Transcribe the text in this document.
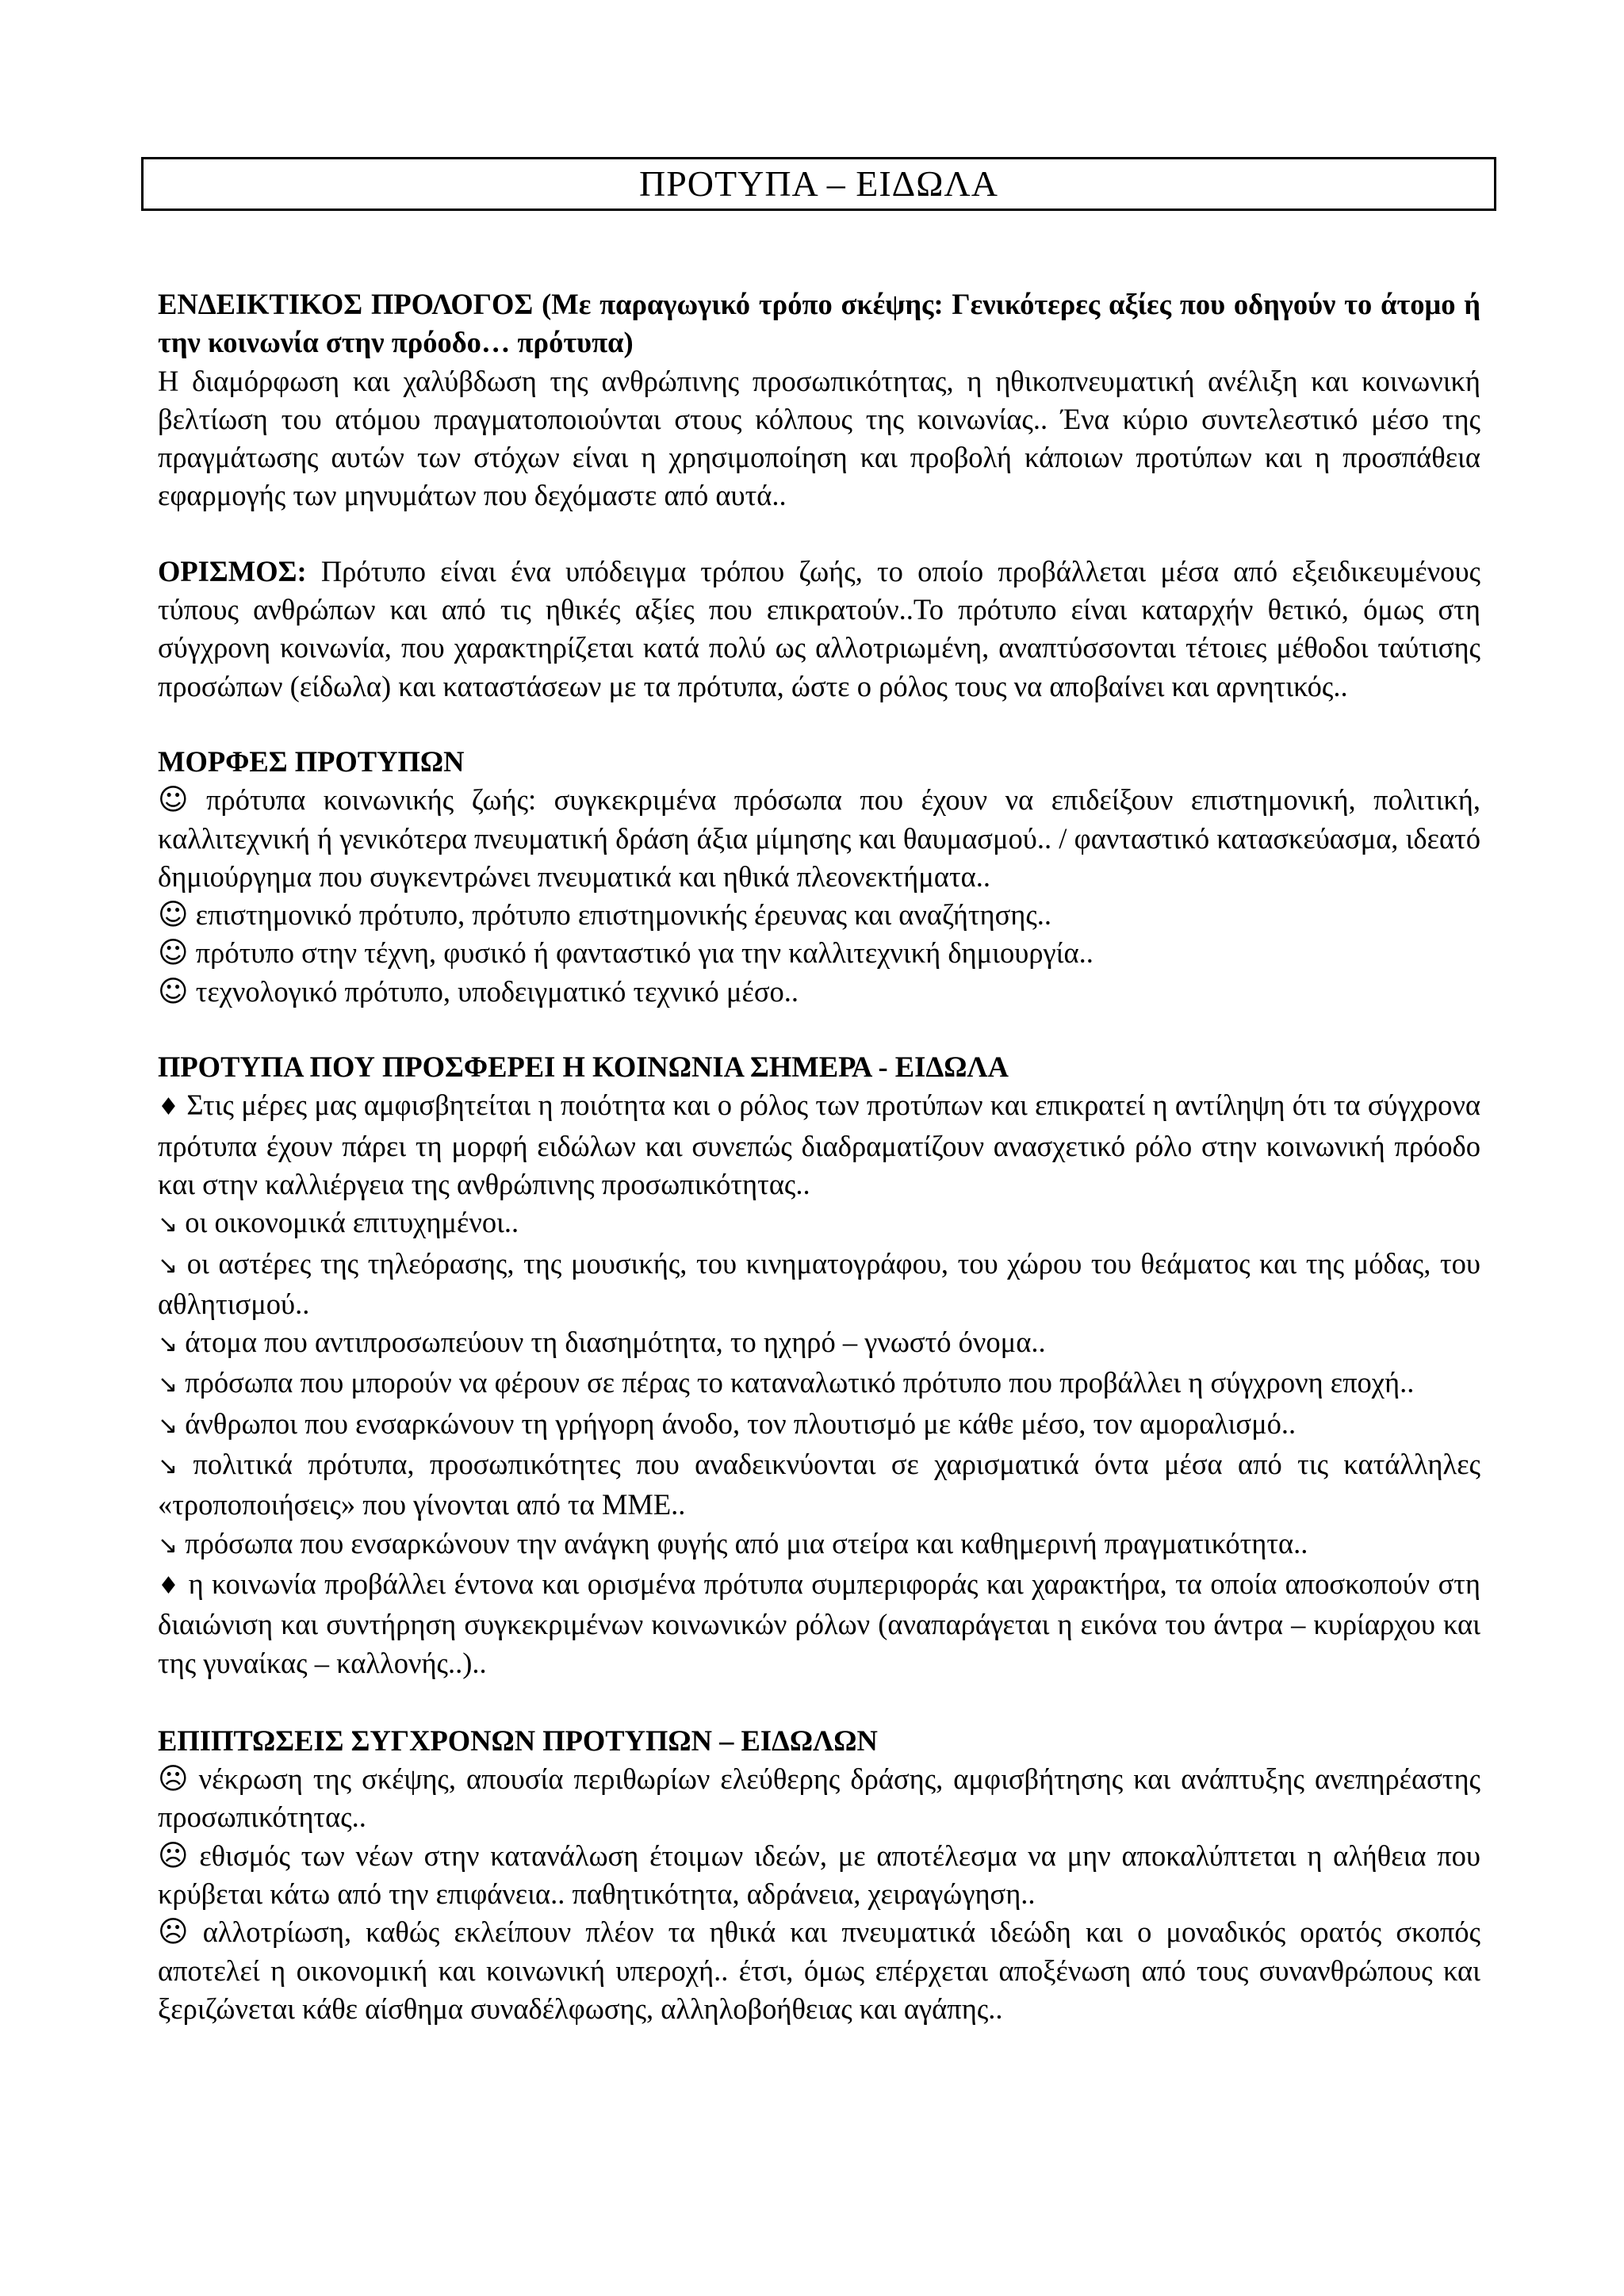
ΠΡΟΤΥΠΑ – ΕΙΔΩΛΑ

ΕΝΔΕΙΚΤΙΚΟΣ ΠΡΟΛΟΓΟΣ (Με παραγωγικό τρόπο σκέψης: Γενικότερες αξίες που οδηγούν το άτομο ή την κοινωνία στην πρόοδο… πρότυπα)

Η διαμόρφωση και χαλύβδωση της ανθρώπινης προσωπικότητας, η ηθικοπνευματική ανέλιξη και κοινωνική βελτίωση του ατόμου πραγματοποιούνται στους κόλπους της κοινωνίας.. Ένα κύριο συντελεστικό μέσο της πραγμάτωσης αυτών των στόχων είναι η χρησιμοποίηση και προβολή κάποιων προτύπων και η προσπάθεια εφαρμογής των μηνυμάτων που δεχόμαστε από αυτά..

ΟΡΙΣΜΟΣ: Πρότυπο είναι ένα υπόδειγμα τρόπου ζωής, το οποίο προβάλλεται μέσα από εξειδικευμένους τύπους ανθρώπων και από τις ηθικές αξίες που επικρατούν..Το πρότυπο είναι καταρχήν θετικό, όμως στη σύγχρονη κοινωνία, που χαρακτηρίζεται κατά πολύ ως αλλοτριωμένη, αναπτύσσονται τέτοιες μέθοδοι ταύτισης προσώπων (είδωλα) και καταστάσεων με τα πρότυπα, ώστε ο ρόλος τους να αποβαίνει και αρνητικός..

ΜΟΡΦΕΣ ΠΡΟΤΥΠΩΝ

☺ πρότυπα κοινωνικής ζωής: συγκεκριμένα πρόσωπα που έχουν να επιδείξουν επιστημονική, πολιτική, καλλιτεχνική ή γενικότερα πνευματική δράση άξια μίμησης και θαυμασμού.. / φανταστικό κατασκεύασμα, ιδεατό δημιούργημα που συγκεντρώνει πνευματικά και ηθικά πλεονεκτήματα..

☺ επιστημονικό πρότυπο, πρότυπο επιστημονικής έρευνας και αναζήτησης..

☺ πρότυπο στην τέχνη, φυσικό ή φανταστικό για την καλλιτεχνική δημιουργία..

☺ τεχνολογικό πρότυπο, υποδειγματικό τεχνικό μέσο..

ΠΡΟΤΥΠΑ ΠΟΥ ΠΡΟΣΦΕΡΕΙ Η ΚΟΙΝΩΝΙΑ ΣΗΜΕΡΑ - ΕΙΔΩΛΑ

♦ Στις μέρες μας αμφισβητείται η ποιότητα και ο ρόλος των προτύπων και επικρατεί η αντίληψη ότι τα σύγχρονα πρότυπα έχουν πάρει τη μορφή ειδώλων και συνεπώς διαδραματίζουν ανασχετικό ρόλο στην κοινωνική πρόοδο και στην καλλιέργεια της ανθρώπινης προσωπικότητας..

↘ οι οικονομικά επιτυχημένοι..

↘ οι αστέρες της τηλεόρασης, της μουσικής, του κινηματογράφου, του χώρου του θεάματος και της μόδας, του αθλητισμού..

↘ άτομα που αντιπροσωπεύουν τη διασημότητα, το ηχηρό – γνωστό όνομα..

↘ πρόσωπα που μπορούν να φέρουν σε πέρας το καταναλωτικό πρότυπο που προβάλλει η σύγχρονη εποχή..

↘ άνθρωποι που ενσαρκώνουν τη γρήγορη άνοδο, τον πλουτισμό με κάθε μέσο, τον αμοραλισμό..

↘ πολιτικά πρότυπα, προσωπικότητες που αναδεικνύονται σε χαρισματικά όντα μέσα από τις κατάλληλες «τροποποιήσεις» που γίνονται από τα ΜΜΕ..

↘ πρόσωπα που ενσαρκώνουν την ανάγκη φυγής από μια στείρα και καθημερινή πραγματικότητα..

♦ η κοινωνία προβάλλει έντονα και ορισμένα πρότυπα συμπεριφοράς και χαρακτήρα, τα οποία αποσκοπούν στη διαιώνιση και συντήρηση συγκεκριμένων κοινωνικών ρόλων (αναπαράγεται η εικόνα του άντρα – κυρίαρχου και της γυναίκας – καλλονής..)..

ΕΠΙΠΤΩΣΕΙΣ ΣΥΓΧΡΟΝΩΝ ΠΡΟΤΥΠΩΝ – ΕΙΔΩΛΩΝ

☹ νέκρωση της σκέψης, απουσία περιθωρίων ελεύθερης δράσης, αμφισβήτησης και ανάπτυξης ανεπηρέαστης προσωπικότητας..

☹ εθισμός των νέων στην κατανάλωση έτοιμων ιδεών, με αποτέλεσμα να μην αποκαλύπτεται η αλήθεια που κρύβεται κάτω από την επιφάνεια.. παθητικότητα, αδράνεια, χειραγώγηση..

☹ αλλοτρίωση, καθώς εκλείπουν πλέον τα ηθικά και πνευματικά ιδεώδη και ο μοναδικός ορατός σκοπός αποτελεί η οικονομική και κοινωνική υπεροχή.. έτσι, όμως επέρχεται αποξένωση από τους συνανθρώπους και ξεριζώνεται κάθε αίσθημα συναδέλφωσης, αλληλοβοήθειας και αγάπης..
